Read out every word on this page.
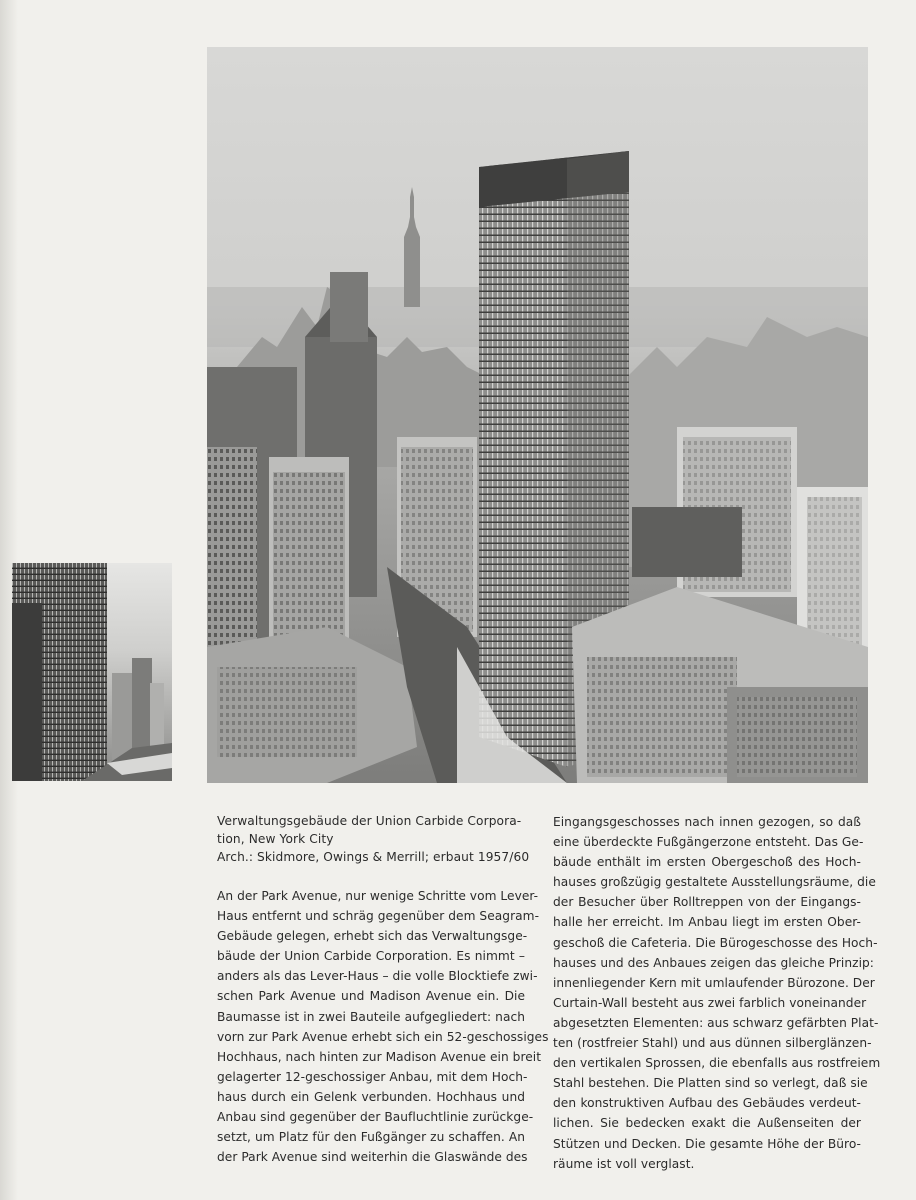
Verwaltungsgebäude der Union Carbide Corpora-
tion, New York City
Arch.: Skidmore, Owings & Merrill; erbaut 1957/60
An der Park Avenue, nur wenige Schritte vom Lever-
Haus entfernt und schräg gegenüber dem Seagram-
Gebäude gelegen, erhebt sich das Verwaltungsge-
bäude der Union Carbide Corporation. Es nimmt –
anders als das Lever-Haus – die volle Blocktiefe zwi-
schen Park Avenue und Madison Avenue ein. Die
Baumasse ist in zwei Bauteile aufgegliedert: nach
vorn zur Park Avenue erhebt sich ein 52-geschossiges
Hochhaus, nach hinten zur Madison Avenue ein breit
gelagerter 12-geschossiger Anbau, mit dem Hoch-
haus durch ein Gelenk verbunden. Hochhaus und
Anbau sind gegenüber der Baufluchtlinie zurückge-
setzt, um Platz für den Fußgänger zu schaffen. An
der Park Avenue sind weiterhin die Glaswände des
Eingangsgeschosses nach innen gezogen, so daß
eine überdeckte Fußgängerzone entsteht. Das Ge-
bäude enthält im ersten Obergeschoß des Hoch-
hauses großzügig gestaltete Ausstellungsräume, die
der Besucher über Rolltreppen von der Eingangs-
halle her erreicht. Im Anbau liegt im ersten Ober-
geschoß die Cafeteria. Die Bürogeschosse des Hoch-
hauses und des Anbaues zeigen das gleiche Prinzip:
innenliegender Kern mit umlaufender Bürozone. Der
Curtain-Wall besteht aus zwei farblich voneinander
abgesetzten Elementen: aus schwarz gefärbten Plat-
ten (rostfreier Stahl) und aus dünnen silberglänzen-
den vertikalen Sprossen, die ebenfalls aus rostfreiem
Stahl bestehen. Die Platten sind so verlegt, daß sie
den konstruktiven Aufbau des Gebäudes verdeut-
lichen. Sie bedecken exakt die Außenseiten der
Stützen und Decken. Die gesamte Höhe der Büro-
räume ist voll verglast.
